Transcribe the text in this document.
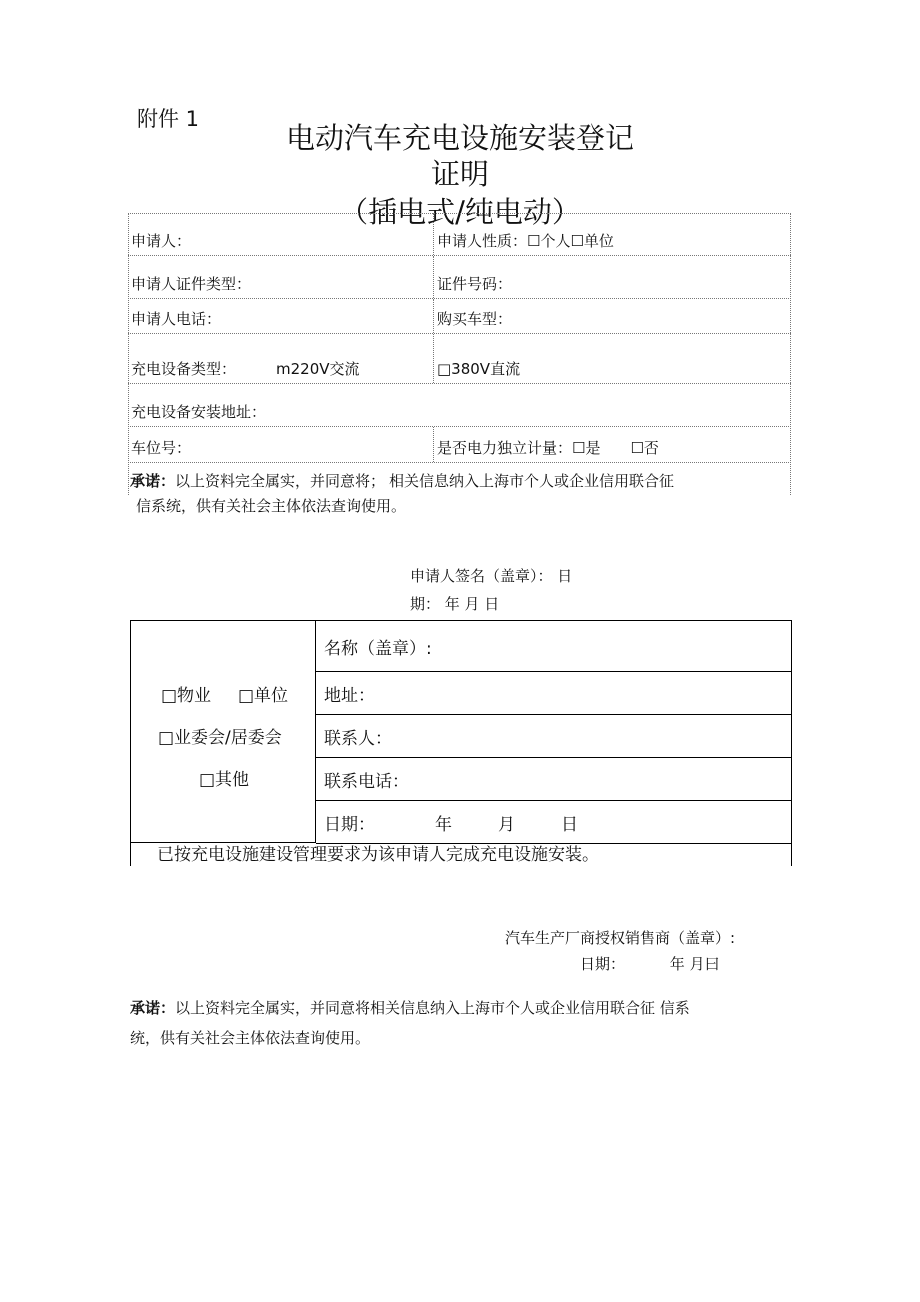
附件 1
电动汽车充电设施安装登记
证明
（插电式/纯电动）
申请人：	申请人性质：☐个人☐单位
申请人证件类型：	证件号码：
申请人电话：	购买车型：
充电设备类型：	m220V交流	□380V直流
充电设备安装地址：
车位号：	是否电力独立计量：☐是 ☐否
承诺：以上资料完全属实，并同意将； 相关信息纳入上海市个人或企业信用联合征
信系统，供有关社会主体依法查询使用。
申请人签名（盖章）： 日
期： 年 月 日
□物业 □单位
□业委会/居委会
□其他
名称（盖章）:
地址：
联系人：
联系电话：
日期：	年	月	日
已按充电设施建设管理要求为该申请人完成充电设施安装。
汽车生产厂商授权销售商（盖章）:
日期：	年 月曰
承诺：以上资料完全属实，并同意将相关信息纳入上海市个人或企业信用联合征 信系
统，供有关社会主体依法查询使用。
